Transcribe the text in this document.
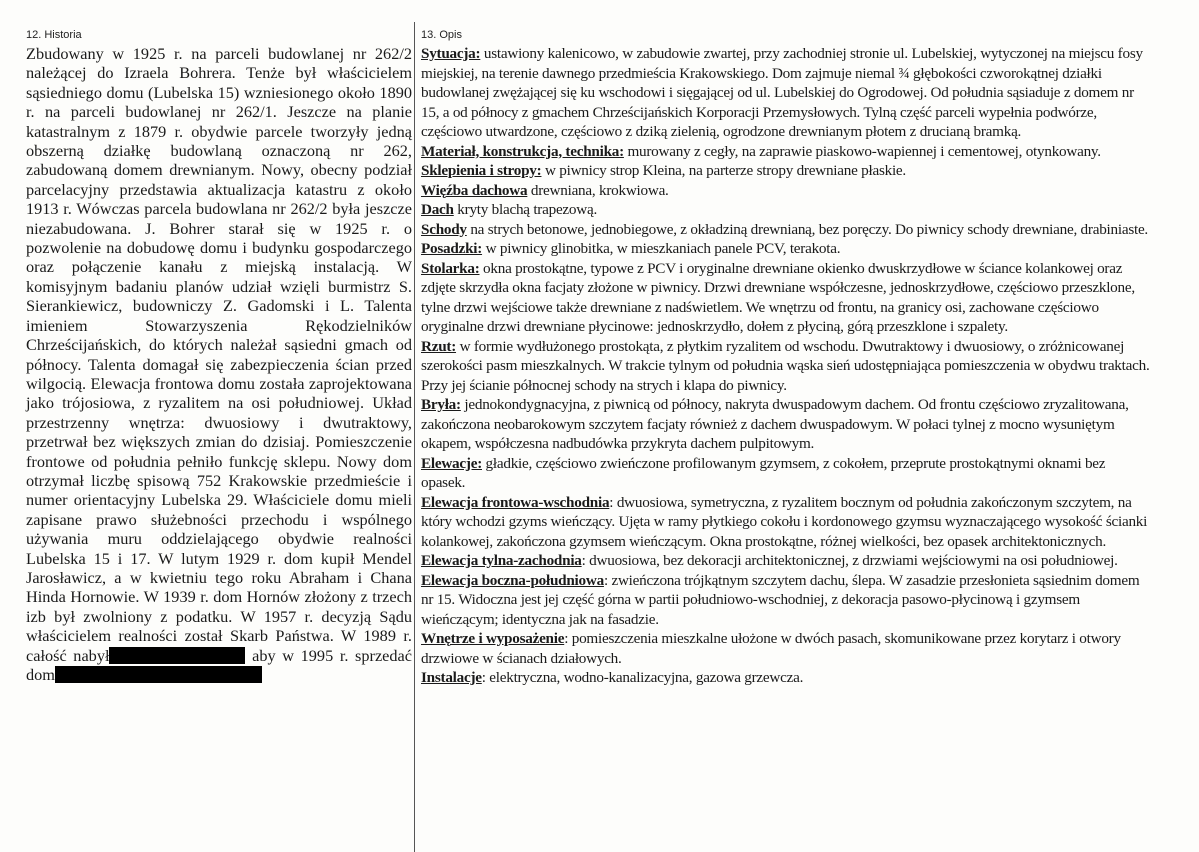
12. Historia	13. Opis
Zbudowany w 1925 r. na parceli budowlanej nr 262/2 należącej do Izraela Bohrera. Tenże był właścicielem sąsiedniego domu (Lubelska 15) wzniesionego około 1890 r. na parceli budowlanej nr 262/1. Jeszcze na planie katastralnym z 1879 r. obydwie parcele tworzyły jedną obszerną działkę budowlaną oznaczoną nr 262, zabudowaną domem drewnianym. Nowy, obecny podział parcelacyjny przedstawia aktualizacja katastru z około 1913 r. Wówczas parcela budowlana nr 262/2 była jeszcze niezabudowana. J. Bohrer starał się w 1925 r. o pozwolenie na dobudowę domu i budynku gospodarczego oraz połączenie kanału z miejską instalacją. W komisyjnym badaniu planów udział wzięli burmistrz S. Sierankiewicz, budowniczy Z. Gadomski i L. Talenta imieniem Stowarzyszenia Rękodzielników Chrześcijańskich, do których należał sąsiedni gmach od północy. Talenta domagał się zabezpieczenia ścian przed wilgocią. Elewacja frontowa domu została zaprojektowana jako trójosiowa, z ryzalitem na osi południowej. Układ przestrzenny wnętrza: dwuosiowy i dwutraktowy, przetrwał bez większych zmian do dzisiaj. Pomieszczenie frontowe od południa pełniło funkcję sklepu. Nowy dom otrzymał liczbę spisową 752 Krakowskie przedmieście i numer orientacyjny Lubelska 29. Właściciele domu mieli zapisane prawo służebności przechodu i wspólnego używania muru oddzielającego obydwie realności Lubelska 15 i 17. W lutym 1929 r. dom kupił Mendel Jarosławicz, a w kwietniu tego roku Abraham i Chana Hinda Hornowie. W 1939 r. dom Hornów złożony z trzech izb był zwolniony z podatku. W 1957 r. decyzją Sądu właścicielem realności został Skarb Państwa. W 1989 r. całość nabył	aby w 1995 r. sprzedać dom

Sytuacja: ustawiony kalenicowo, w zabudowie zwartej, przy zachodniej stronie ul. Lubelskiej, wytyczonej na miejscu fosy miejskiej, na terenie dawnego przedmieścia Krakowskiego. Dom zajmuje niemal ¾ głębokości czworokątnej działki budowlanej zwężającej się ku wschodowi i sięgającej od ul. Lubelskiej do Ogrodowej. Od południa sąsiaduje z domem nr 15, a od północy z gmachem Chrześcijańskich Korporacji Przemysłowych. Tylną część parceli wypełnia podwórze, częściowo utwardzone, częściowo z dziką zielenią, ogrodzone drewnianym płotem z drucianą bramką.

Materiał, konstrukcja, technika: murowany z cegły, na zaprawie piaskowo-wapiennej i cementowej, otynkowany.

Sklepienia i stropy: w piwnicy strop Kleina, na parterze stropy drewniane płaskie.

Więźba dachowa drewniana, krokwiowa.

Dach kryty blachą trapezową.

Schody na strych betonowe, jednobiegowe, z okładziną drewnianą, bez poręczy. Do piwnicy schody drewniane, drabiniaste.

Posadzki: w piwnicy glinobitka, w mieszkaniach panele PCV, terakota.

Stolarka: okna prostokątne, typowe z PCV i oryginalne drewniane okienko dwuskrzydłowe w ściance kolankowej oraz zdjęte skrzydła okna facjaty złożone w piwnicy. Drzwi drewniane współczesne, jednoskrzydłowe, częściowo przeszklone, tylne drzwi wejściowe także drewniane z nadświetlem. We wnętrzu od frontu, na granicy osi, zachowane częściowo oryginalne drzwi drewniane płycinowe: jednoskrzydło, dołem z płyciną, górą przeszklone i szpalety.

Rzut: w formie wydłużonego prostokąta, z płytkim ryzalitem od wschodu. Dwutraktowy i dwuosiowy, o zróżnicowanej szerokości pasm mieszkalnych. W trakcie tylnym od południa wąska sień udostępniająca pomieszczenia w obydwu traktach. Przy jej ścianie północnej schody na strych i klapa do piwnicy.

Bryła: jednokondygnacyjna, z piwnicą od północy, nakryta dwuspadowym dachem. Od frontu częściowo zryzalitowana, zakończona neobarokowym szczytem facjaty również z dachem dwuspadowym. W połaci tylnej z mocno wysuniętym okapem, współczesna nadbudówka przykryta dachem pulpitowym.

Elewacje: gładkie, częściowo zwieńczone profilowanym gzymsem, z cokołem, przeprute prostokątnymi oknami bez opasek.

Elewacja frontowa-wschodnia: dwuosiowa, symetryczna, z ryzalitem bocznym od południa zakończonym szczytem, na który wchodzi gzyms wieńczący. Ujęta w ramy płytkiego cokołu i kordonowego gzymsu wyznaczającego wysokość ścianki kolankowej, zakończona gzymsem wieńczącym. Okna prostokątne, różnej wielkości, bez opasek architektonicznych.

Elewacja tylna-zachodnia: dwuosiowa, bez dekoracji architektonicznej, z drzwiami wejściowymi na osi południowej.

Elewacja boczna-południowa: zwieńczona trójkątnym szczytem dachu, ślepa. W zasadzie przesłonieta sąsiednim domem nr 15. Widoczna jest jej część górna w partii południowo-wschodniej, z dekoracja pasowo-płycinową i gzymsem wieńczącym; identyczna jak na fasadzie.

Wnętrze i wyposażenie: pomieszczenia mieszkalne ułożone w dwóch pasach, skomunikowane przez korytarz i otwory drzwiowe w ścianach działowych.

Instalacje: elektryczna, wodno-kanalizacyjna, gazowa grzewcza.
